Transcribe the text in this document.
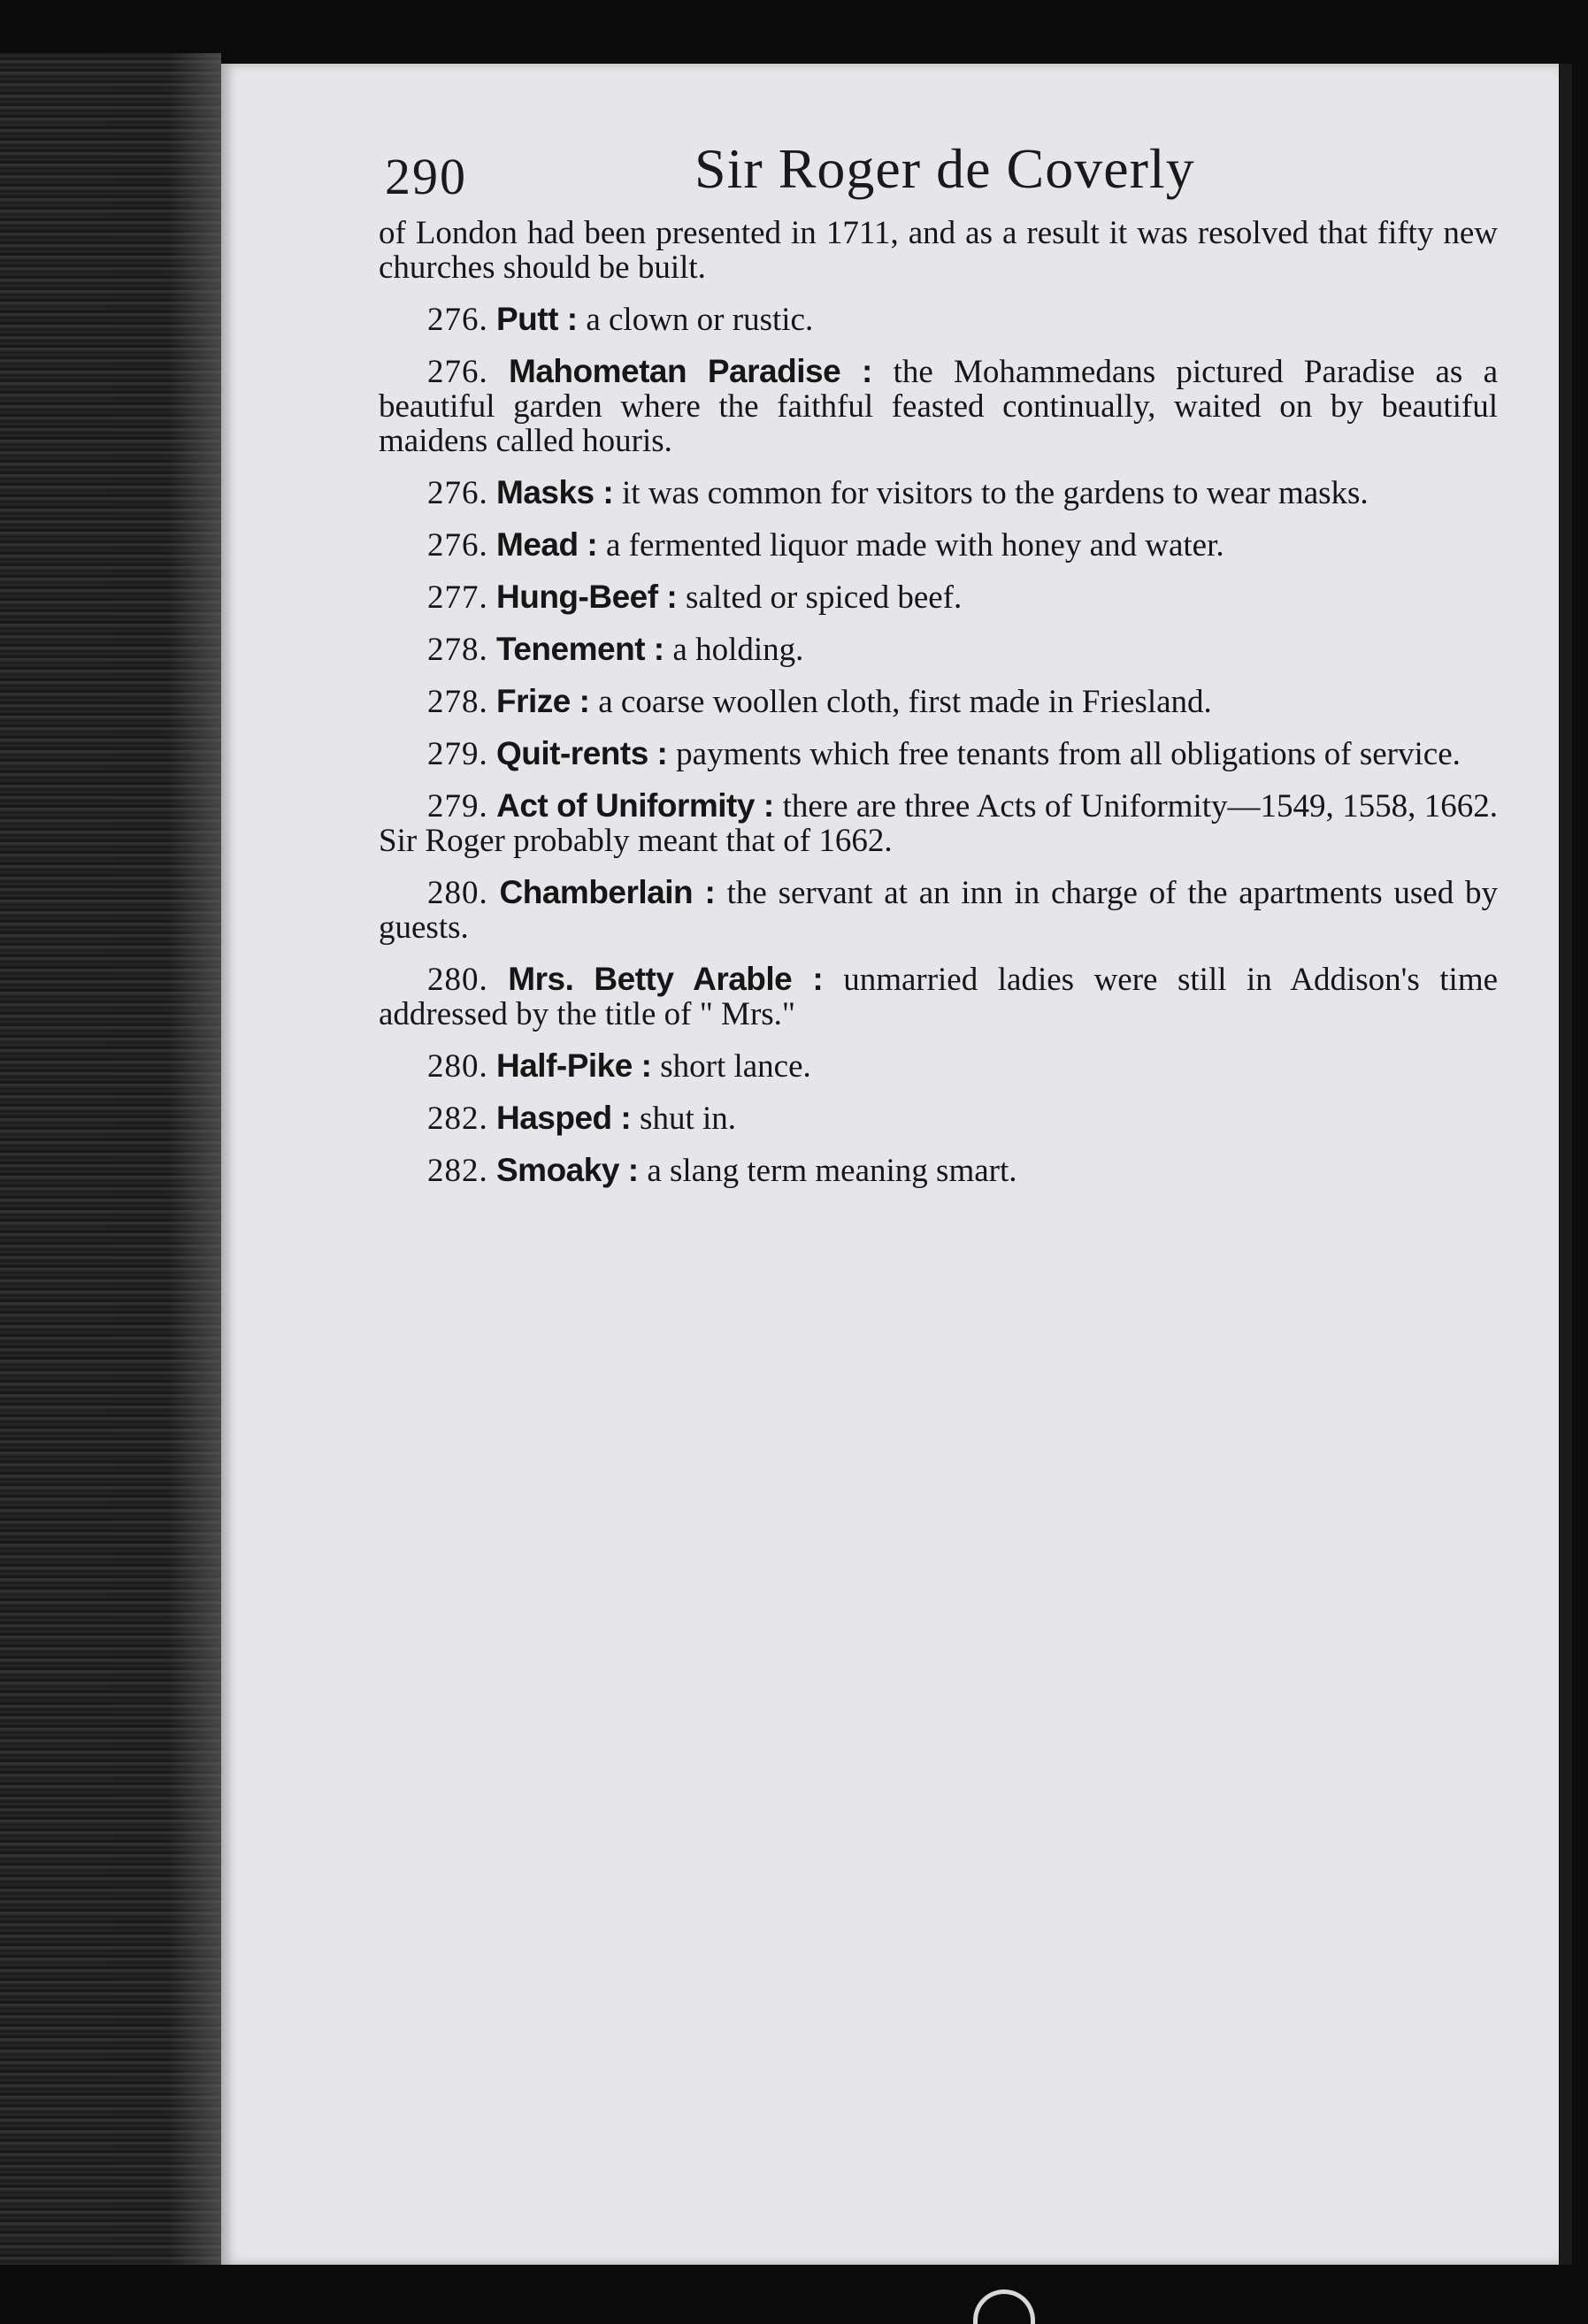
290	Sir Roger de Coverly

of London had been presented in 1711, and as a result it was resolved that fifty new churches should be built.

276. Putt : a clown or rustic.

276. Mahometan Paradise : the Mohammedans pictured Paradise as a beautiful garden where the faithful feasted continually, waited on by beautiful maidens called houris.

276. Masks : it was common for visitors to the gardens to wear masks.

276. Mead : a fermented liquor made with honey and water.

277. Hung-Beef : salted or spiced beef.

278. Tenement : a holding.

278. Frize : a coarse woollen cloth, first made in Friesland.

279. Quit-rents : payments which free tenants from all obligations of service.

279. Act of Uniformity : there are three Acts of Uniformity—1549, 1558, 1662. Sir Roger probably meant that of 1662.

280. Chamberlain : the servant at an inn in charge of the apartments used by guests.

280. Mrs. Betty Arable : unmarried ladies were still in Addison's time addressed by the title of " Mrs."

280. Half-Pike : short lance.

282. Hasped : shut in.

282. Smoaky : a slang term meaning smart.
